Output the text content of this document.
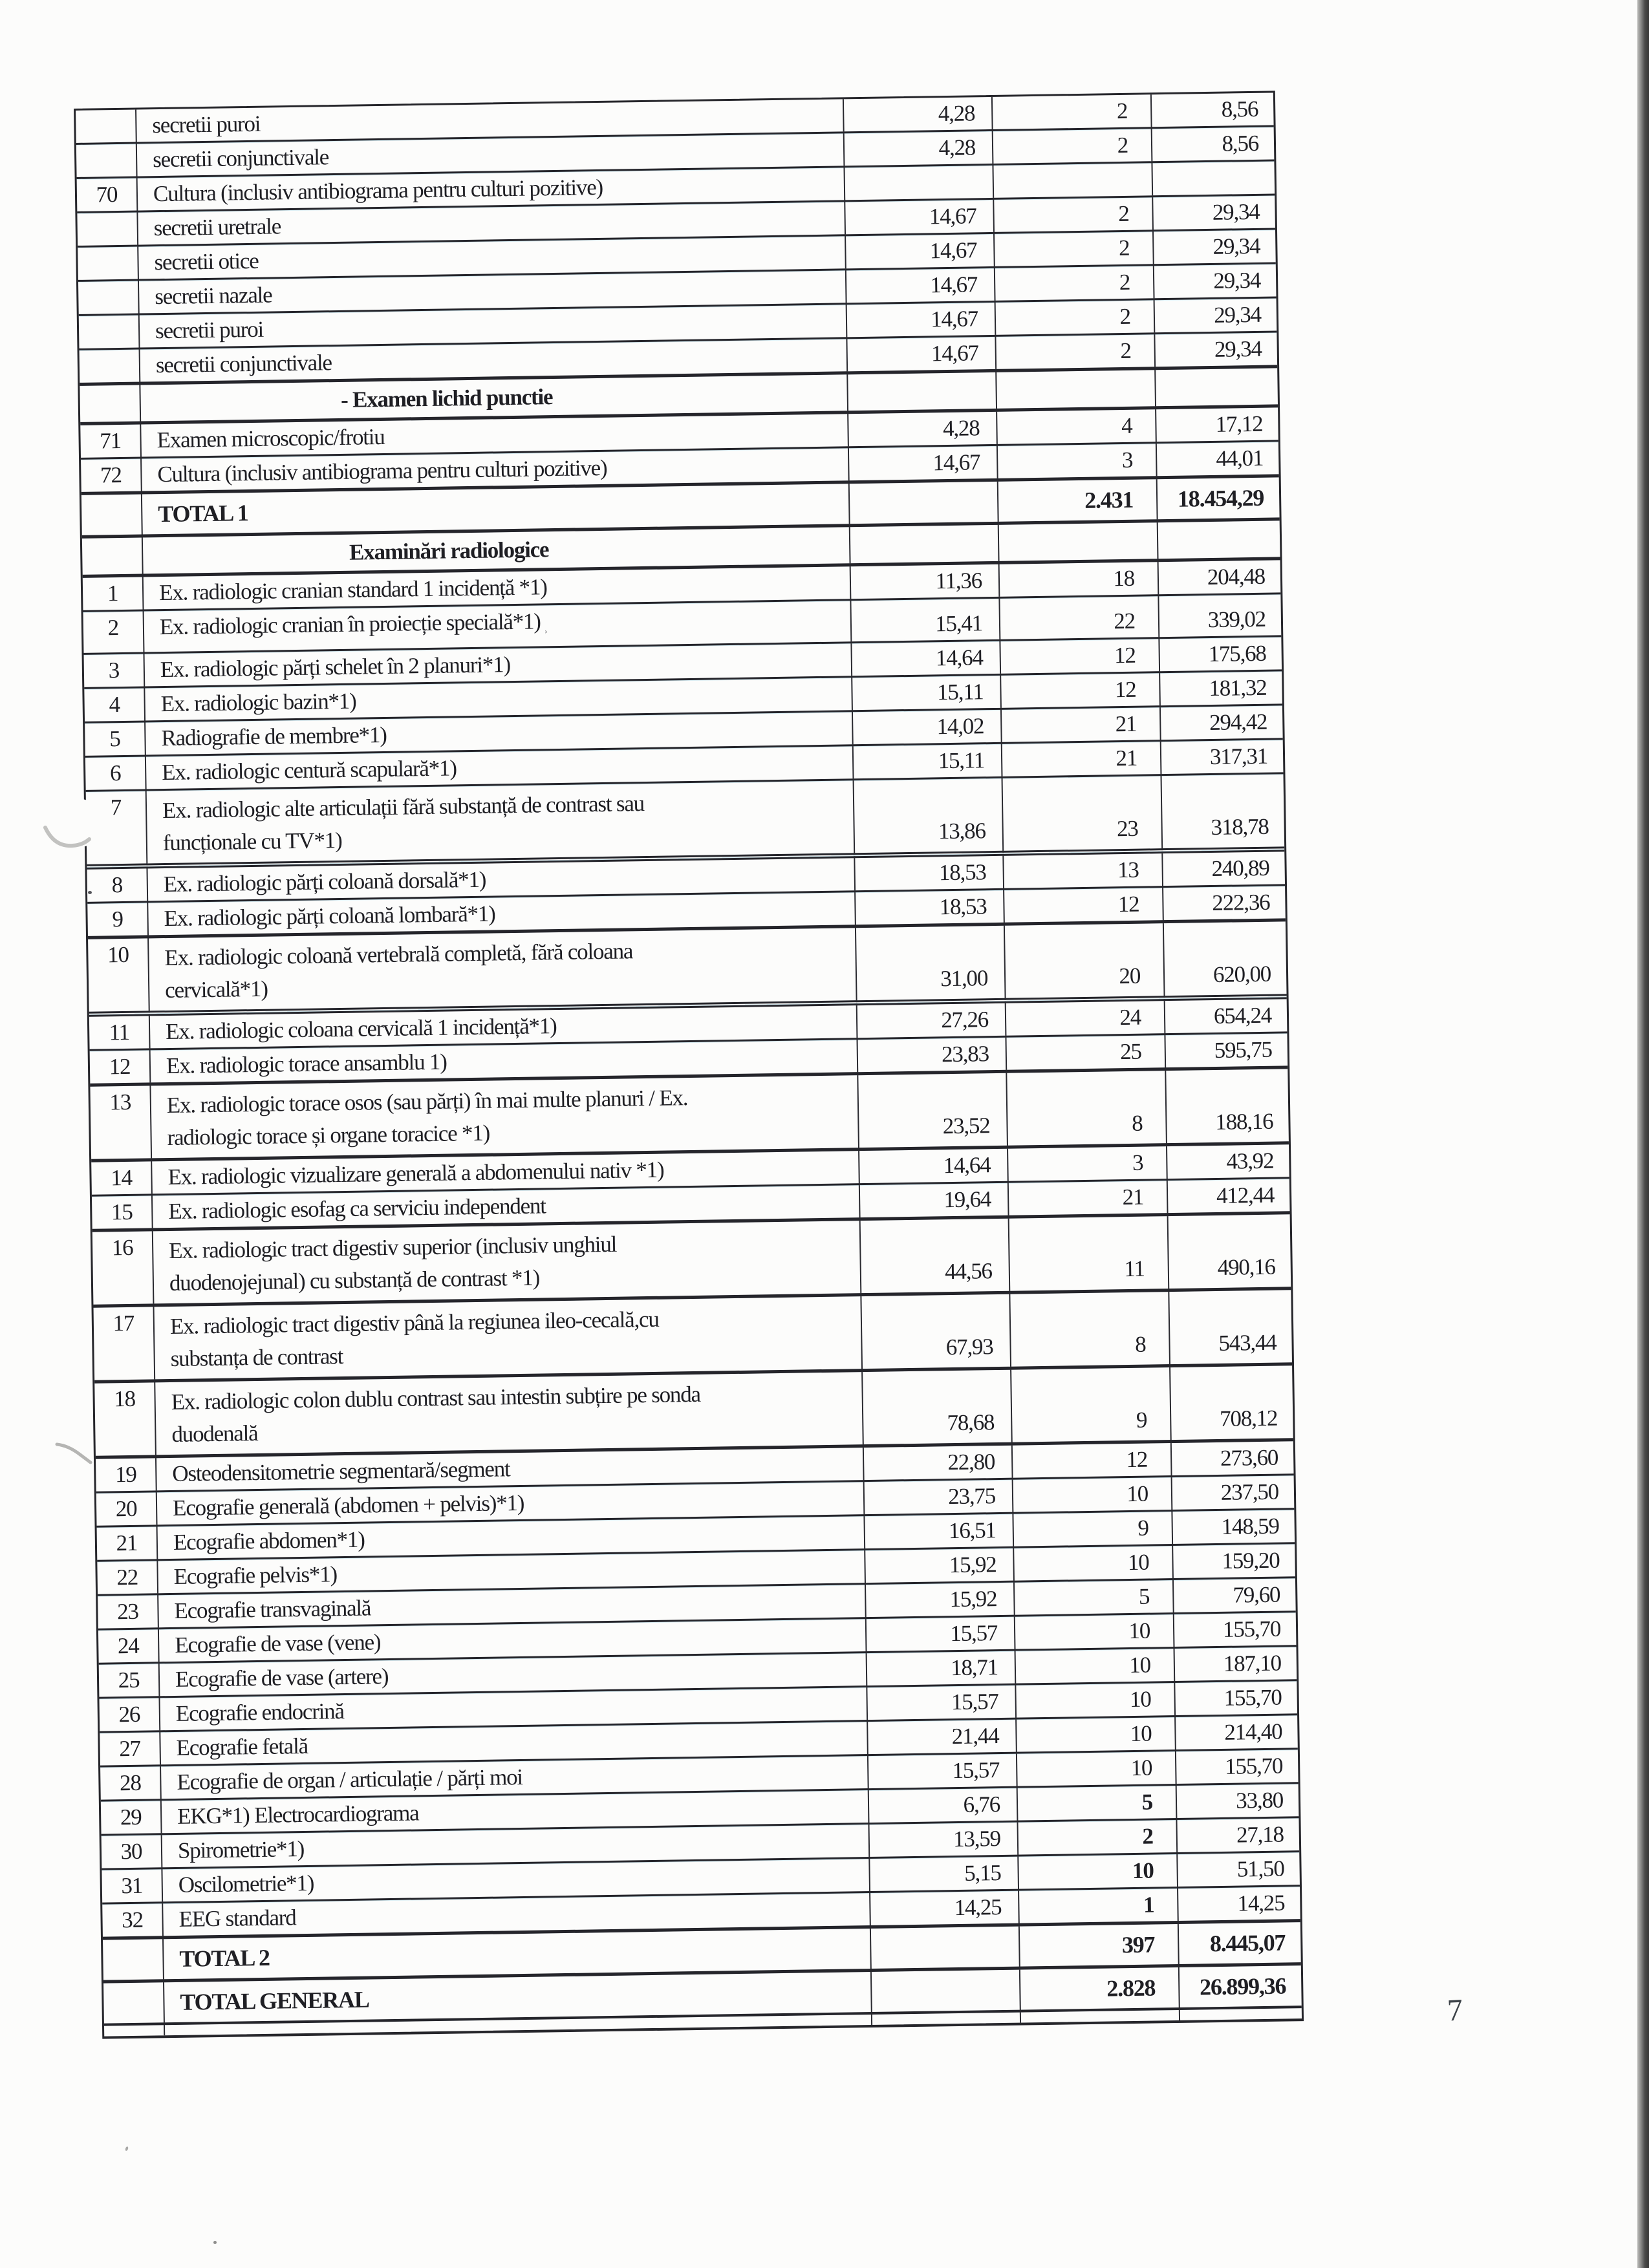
	secretii puroi	4,28	2	8,56
	secretii conjunctivale	4,28	2	8,56
70	Cultura (inclusiv antibiograma pentru culturi pozitive)			
	secretii uretrale	14,67	2	29,34
	secretii otice	14,67	2	29,34
	secretii nazale	14,67	2	29,34
	secretii puroi	14,67	2	29,34
	secretii conjunctivale	14,67	2	29,34
	- Examen lichid punctie			
71	Examen microscopic/frotiu	4,28	4	17,12
72	Cultura (inclusiv antibiograma pentru culturi pozitive)	14,67	3	44,01
	TOTAL 1		2.431	18.454,29
	Examinări radiologice			
1	Ex. radiologic cranian standard 1 incidență *1)	11,36	18	204,48
2	Ex. radiologic cranian în proiecție specială*1) $_˒$	15,41	22	339,02
3	Ex. radiologic părți schelet în 2 planuri*1)	14,64	12	175,68
4	Ex. radiologic bazin*1)	15,11	12	181,32
5	Radiografie de membre*1)	14,02	21	294,42
6	Ex. radiologic centură scapulară*1)	15,11	21	317,31
7	Ex. radiologic alte articulații fără substanță de contrast sau
funcționale cu TV*1)	13,86	23	318,78
8	Ex. radiologic părți coloană dorsală*1)	18,53	13	240,89
9	Ex. radiologic părți coloană lombară*1)	18,53	12	222,36
10	Ex. radiologic coloană vertebrală completă, fără coloana
cervicală*1)	31,00	20	620,00
11	Ex. radiologic coloana cervicală 1 incidență*1)	27,26	24	654,24
12	Ex. radiologic torace ansamblu 1)	23,83	25	595,75
13	Ex. radiologic torace osos (sau părți) în mai multe planuri / Ex.
radiologic torace și organe toracice *1)	23,52	8	188,16
14	Ex. radiologic vizualizare generală a abdomenului nativ *1)	14,64	3	43,92
15	Ex. radiologic esofag ca serviciu independent	19,64	21	412,44
16	Ex. radiologic tract digestiv superior (inclusiv unghiul
duodenojejunal) cu substanță de contrast *1)	44,56	11	490,16
17	Ex. radiologic tract digestiv până la regiunea ileo-cecală,cu
substanța de contrast	67,93	8	543,44
18	Ex. radiologic colon dublu contrast sau intestin subțire pe sonda
duodenală	78,68	9	708,12
19	Osteodensitometrie segmentară/segment	22,80	12	273,60
20	Ecografie generală (abdomen + pelvis)*1)	23,75	10	237,50
21	Ecografie abdomen*1)	16,51	9	148,59
22	Ecografie pelvis*1)	15,92	10	159,20
23	Ecografie transvaginală	15,92	5	79,60
24	Ecografie de vase (vene)	15,57	10	155,70
25	Ecografie de vase (artere)	18,71	10	187,10
26	Ecografie endocrină	15,57	10	155,70
27	Ecografie fetală	21,44	10	214,40
28	Ecografie de organ / articulație / părți moi	15,57	10	155,70
29	EKG*1) Electrocardiograma	6,76	5	33,80
30	Spirometrie*1)	13,59	2	27,18
31	Oscilometrie*1)	5,15	10	51,50
32	EEG standard	14,25	1	14,25
	TOTAL 2		397	8.445,07
	TOTAL GENERAL		2.828	26.899,36

7
